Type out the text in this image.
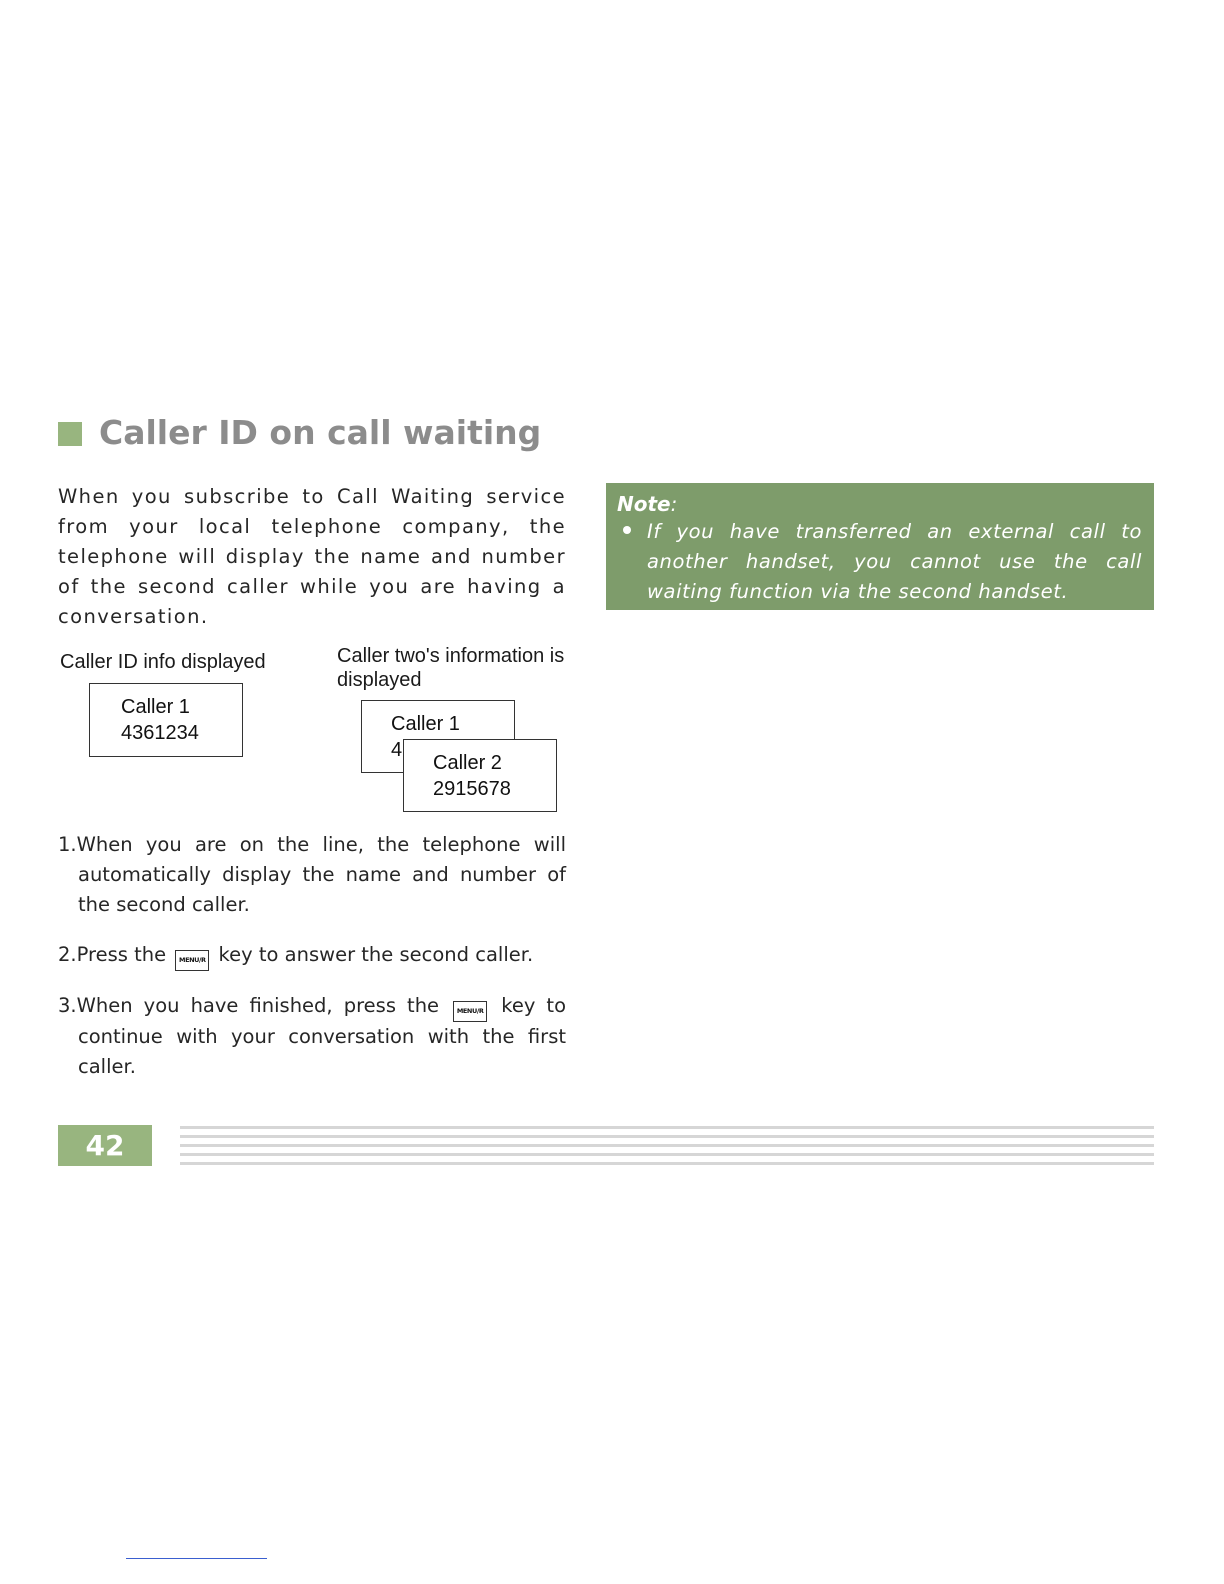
Caller ID on call waiting

When you subscribe to Call Waiting service from your local telephone company, the telephone will display the name and number of the second caller while you are having a conversation.

Caller ID info displayed	Caller two's information is displayed

Caller 1

4361234	Caller 1

4

Caller 2

2915678

1.When you are on the line, the telephone will automatically display the name and number of the second caller.
2.Press the MENU/R key to answer the second caller.
3.When you have finished, press the	MENU/R key to continue with your conversation with the first caller.

Note:

If you have transferred an external call to another handset, you cannot use the call waiting function via the second handset.

42
